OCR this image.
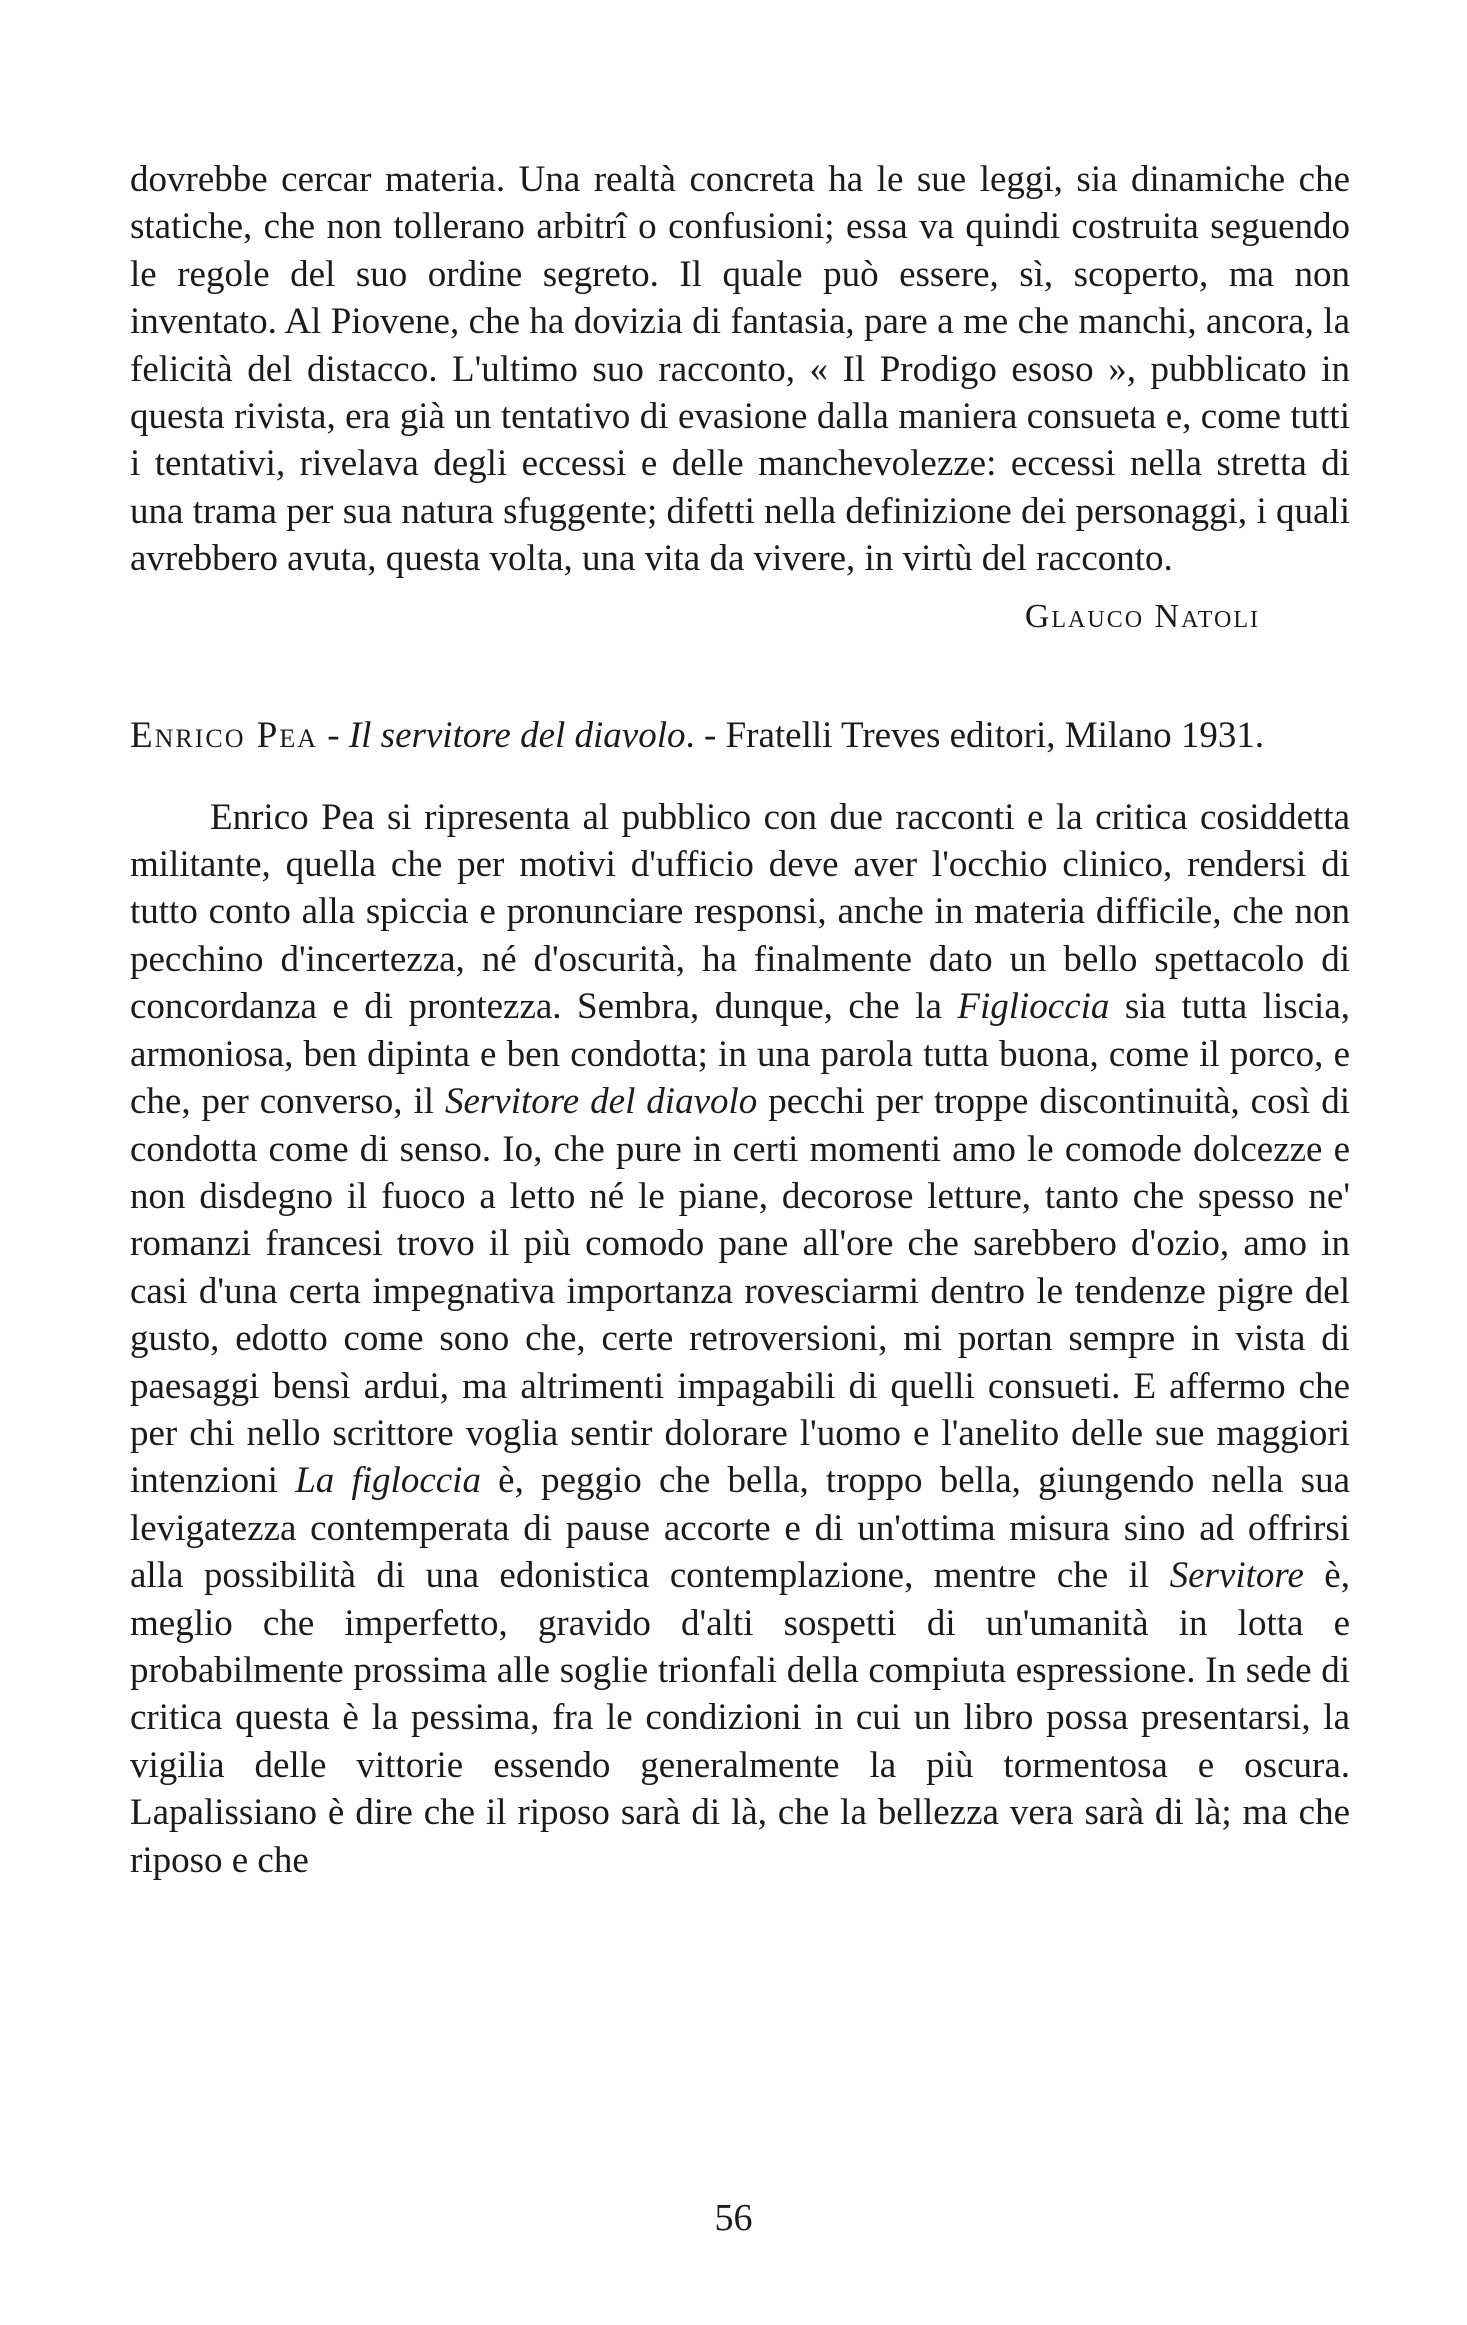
dovrebbe cercar materia. Una realtà concreta ha le sue leggi, sia dinamiche che statiche, che non tollerano arbitrî o confusioni; essa va quindi costruita seguendo le regole del suo ordine segreto. Il quale può essere, sì, scoperto, ma non inventato. Al Piovene, che ha dovizia di fantasia, pare a me che manchi, ancora, la felicità del distacco. L'ultimo suo racconto, « Il Prodigo esoso », pubblicato in questa rivista, era già un tentativo di evasione dalla maniera consueta e, come tutti i tentativi, rivelava degli eccessi e delle manchevolezze: eccessi nella stretta di una trama per sua natura sfuggente; difetti nella definizione dei personaggi, i quali avrebbero avuta, questa volta, una vita da vivere, in virtù del racconto.

Glauco Natoli

Enrico Pea - Il servitore del diavolo. - Fratelli Treves editori, Milano 1931.

Enrico Pea si ripresenta al pubblico con due racconti e la critica cosiddetta militante, quella che per motivi d'ufficio deve aver l'occhio clinico, rendersi di tutto conto alla spiccia e pronunciare responsi, anche in materia difficile, che non pecchino d'incertezza, né d'oscurità, ha finalmente dato un bello spettacolo di concordanza e di prontezza. Sembra, dunque, che la Figlioccia sia tutta liscia, armoniosa, ben dipinta e ben condotta; in una parola tutta buona, come il porco, e che, per converso, il Servitore del diavolo pecchi per troppe discontinuità, così di condotta come di senso. Io, che pure in certi momenti amo le comode dolcezze e non disdegno il fuoco a letto né le piane, decorose letture, tanto che spesso ne' romanzi francesi trovo il più comodo pane all'ore che sarebbero d'ozio, amo in casi d'una certa impegnativa importanza rovesciarmi dentro le tendenze pigre del gusto, edotto come sono che, certe retroversioni, mi portan sempre in vista di paesaggi bensì ardui, ma altrimenti impagabili di quelli consueti. E affermo che per chi nello scrittore voglia sentir dolorare l'uomo e l'anelito delle sue maggiori intenzioni La figloccia è, peggio che bella, troppo bella, giungendo nella sua levigatezza contemperata di pause accorte e di un'ottima misura sino ad offrirsi alla possibilità di una edonistica contemplazione, mentre che il Servitore è, meglio che imperfetto, gravido d'alti sospetti di un'umanità in lotta e probabilmente prossima alle soglie trionfali della compiuta espressione. In sede di critica questa è la pessima, fra le condizioni in cui un libro possa presentarsi, la vigilia delle vittorie essendo generalmente la più tormentosa e oscura. Lapalissiano è dire che il riposo sarà di là, che la bellezza vera sarà di là; ma che riposo e che

56
